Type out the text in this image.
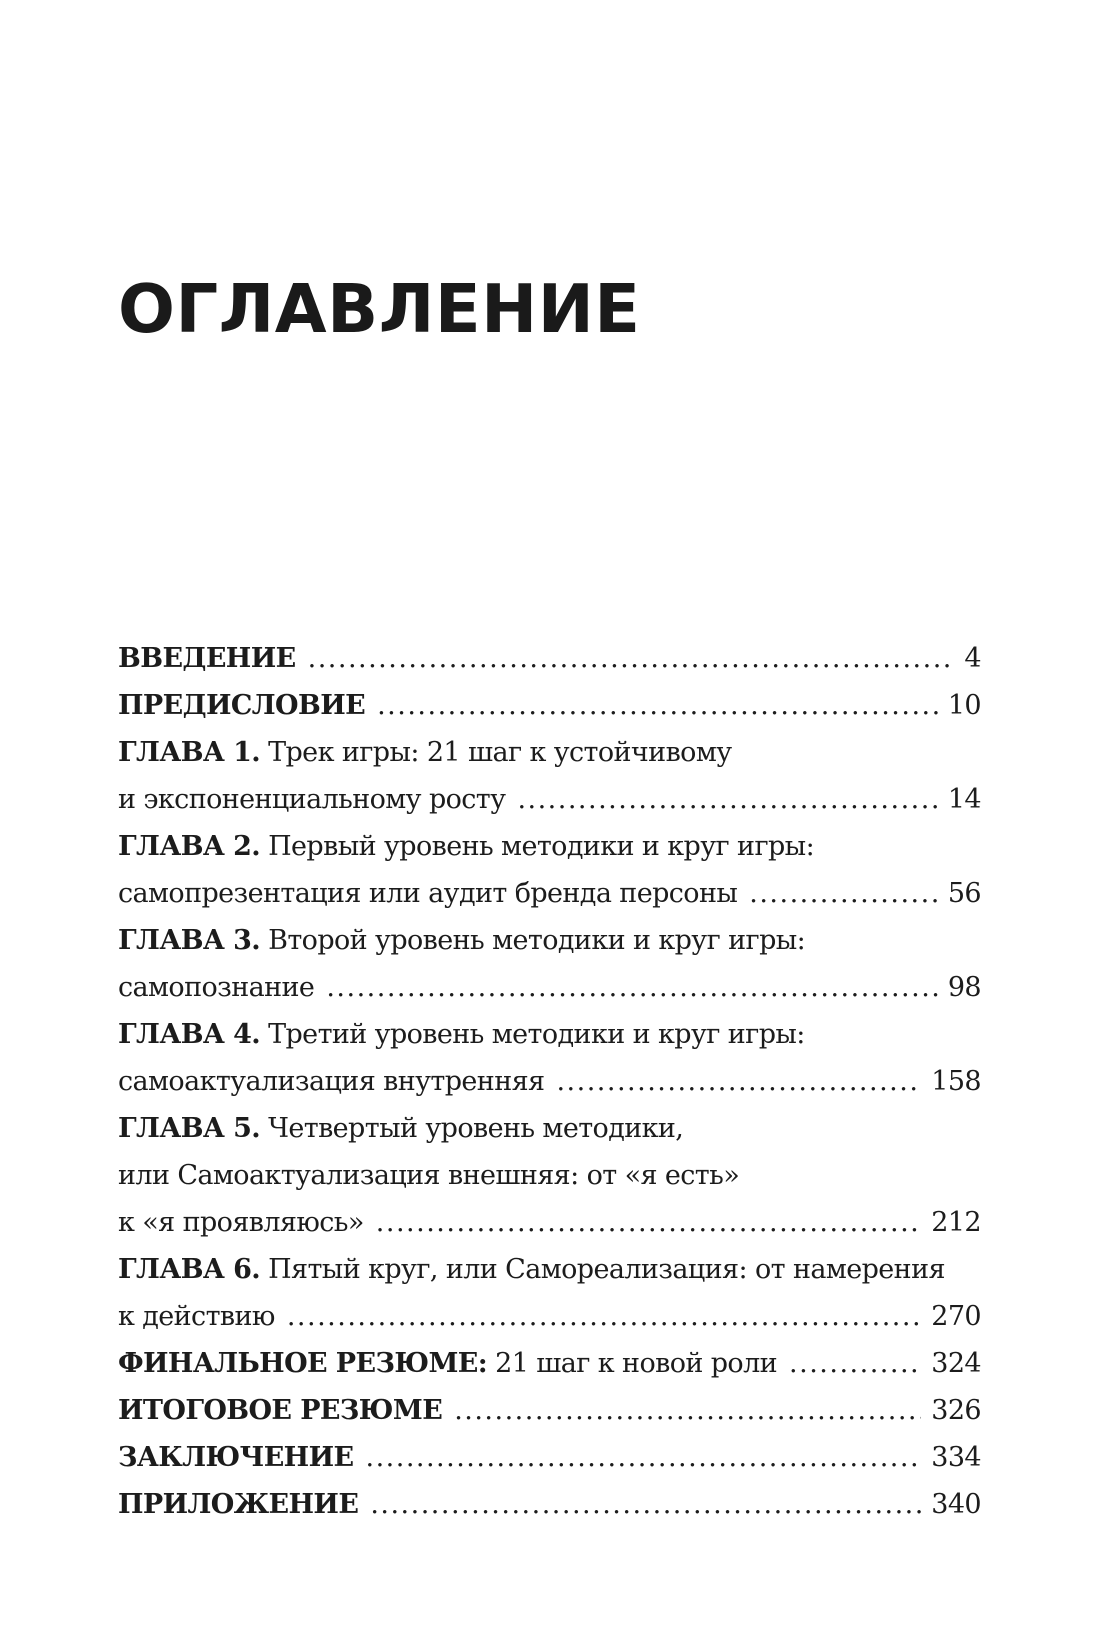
ОГЛАВЛЕНИЕ
ВВЕДЕНИЕ .....	4
ПРЕДИСЛОВИЕ .....	10
ГЛАВА 1.
Трек игры: 21 шаг к устойчивому
и экспоненциальному росту .....	14
ГЛАВА 2.
Первый уровень методики и круг игры:
самопрезентация или аудит бренда персоны .....	56
ГЛАВА 3.
Второй уровень методики и круг игры:
самопознание .....	98
ГЛАВА 4.
Третий уровень методики и круг игры:
самоактуализация внутренняя .....	158
ГЛАВА 5.
Четвертый уровень методики,
или Самоактуализация внешняя: от «я есть»
к «я проявляюсь» .....	212
ГЛАВА 6.
Пятый круг, или Самореализация: от намерения
к действию .....	270
ФИНАЛЬНОЕ РЕЗЮМЕ:
21 шаг к новой роли .....	324
ИТОГОВОЕ РЕЗЮМЕ .....	326
ЗАКЛЮЧЕНИЕ .....	334
ПРИЛОЖЕНИЕ .....	340
